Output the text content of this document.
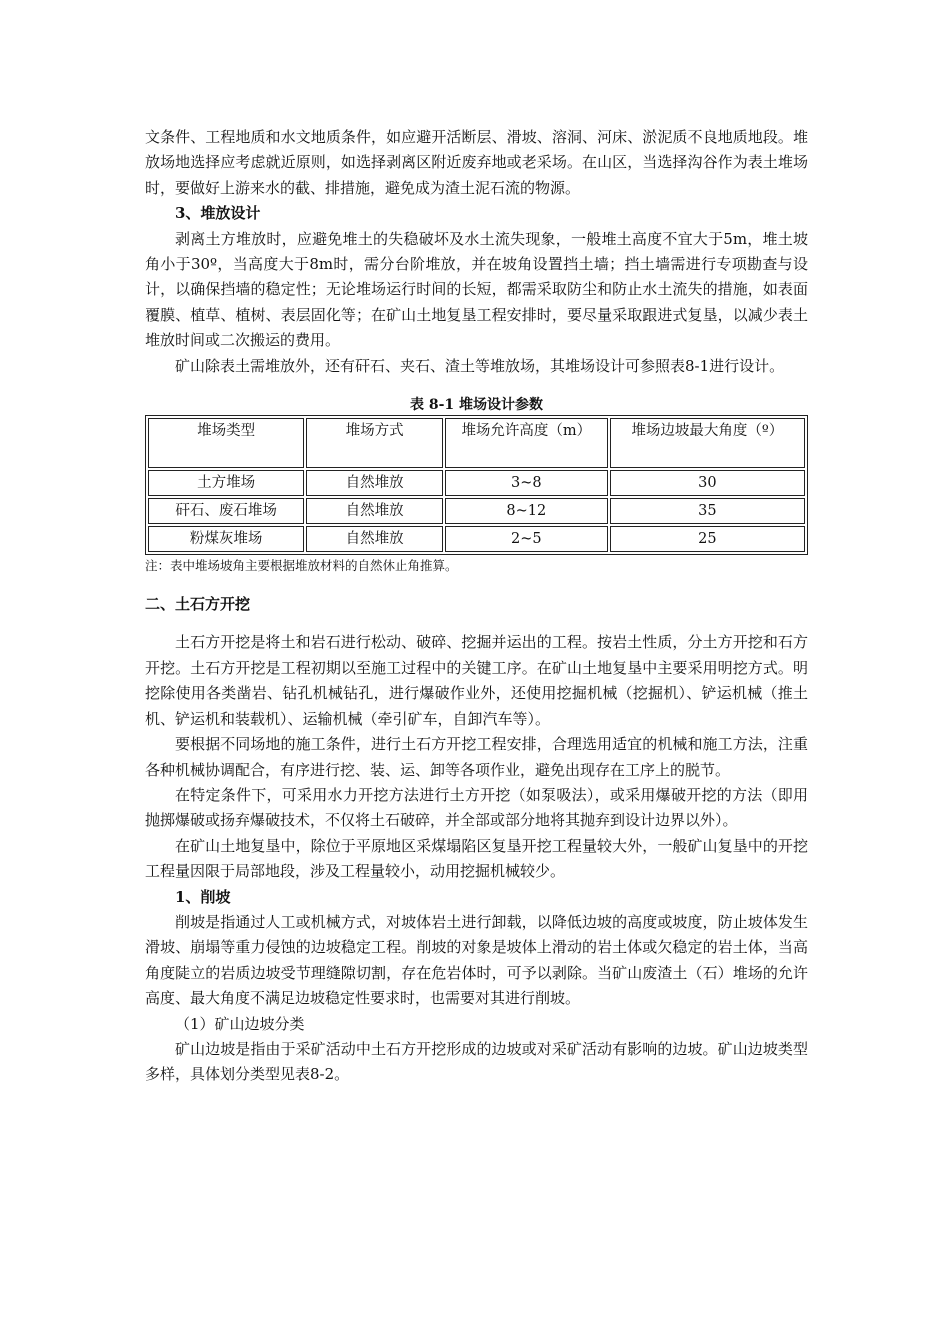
文条件、工程地质和水文地质条件，如应避开活断层、滑坡、溶洞、河床、淤泥质不良地质地段。堆放场地选择应考虑就近原则，如选择剥离区附近废弃地或老采场。在山区，当选择沟谷作为表土堆场时，要做好上游来水的截、排措施，避免成为渣土泥石流的物源。

3、堆放设计

剥离土方堆放时，应避免堆土的失稳破坏及水土流失现象，一般堆土高度不宜大于5m，堆土坡角小于30º，当高度大于8m时，需分台阶堆放，并在坡角设置挡土墙；挡土墙需进行专项勘查与设计，以确保挡墙的稳定性；无论堆场运行时间的长短，都需采取防尘和防止水土流失的措施，如表面覆膜、植草、植树、表层固化等；在矿山土地复垦工程安排时，要尽量采取跟进式复垦，以减少表土堆放时间或二次搬运的费用。

矿山除表土需堆放外，还有矸石、夹石、渣土等堆放场，其堆场设计可参照表8-1进行设计。

表 8-1 堆场设计参数
堆场类型	堆场方式	堆场允许高度（m）	堆场边坡最大角度（º）
土方堆场	自然堆放	3~8	30
矸石、废石堆场	自然堆放	8~12	35
粉煤灰堆场	自然堆放	2~5	25

注：表中堆场坡角主要根据堆放材料的自然休止角推算。

二、土石方开挖

土石方开挖是将土和岩石进行松动、破碎、挖掘并运出的工程。按岩土性质，分土方开挖和石方开挖。土石方开挖是工程初期以至施工过程中的关键工序。在矿山土地复垦中主要采用明挖方式。明挖除使用各类凿岩、钻孔机械钻孔，进行爆破作业外，还使用挖掘机械（挖掘机）、铲运机械（推土机、铲运机和装载机）、运输机械（牵引矿车，自卸汽车等）。

要根据不同场地的施工条件，进行土石方开挖工程安排，合理选用适宜的机械和施工方法，注重各种机械协调配合，有序进行挖、装、运、卸等各项作业，避免出现存在工序上的脱节。

在特定条件下，可采用水力开挖方法进行土方开挖（如泵吸法），或采用爆破开挖的方法（即用抛掷爆破或扬弃爆破技术，不仅将土石破碎，并全部或部分地将其抛弃到设计边界以外）。

在矿山土地复垦中，除位于平原地区采煤塌陷区复垦开挖工程量较大外，一般矿山复垦中的开挖工程量因限于局部地段，涉及工程量较小，动用挖掘机械较少。

1、削坡

削坡是指通过人工或机械方式，对坡体岩土进行卸载，以降低边坡的高度或坡度，防止坡体发生滑坡、崩塌等重力侵蚀的边坡稳定工程。削坡的对象是坡体上滑动的岩土体或欠稳定的岩土体，当高角度陡立的岩质边坡受节理缝隙切割，存在危岩体时，可予以剥除。当矿山废渣土（石）堆场的允许高度、最大角度不满足边坡稳定性要求时，也需要对其进行削坡。

（1）矿山边坡分类

矿山边坡是指由于采矿活动中土石方开挖形成的边坡或对采矿活动有影响的边坡。矿山边坡类型多样，具体划分类型见表8-2。
